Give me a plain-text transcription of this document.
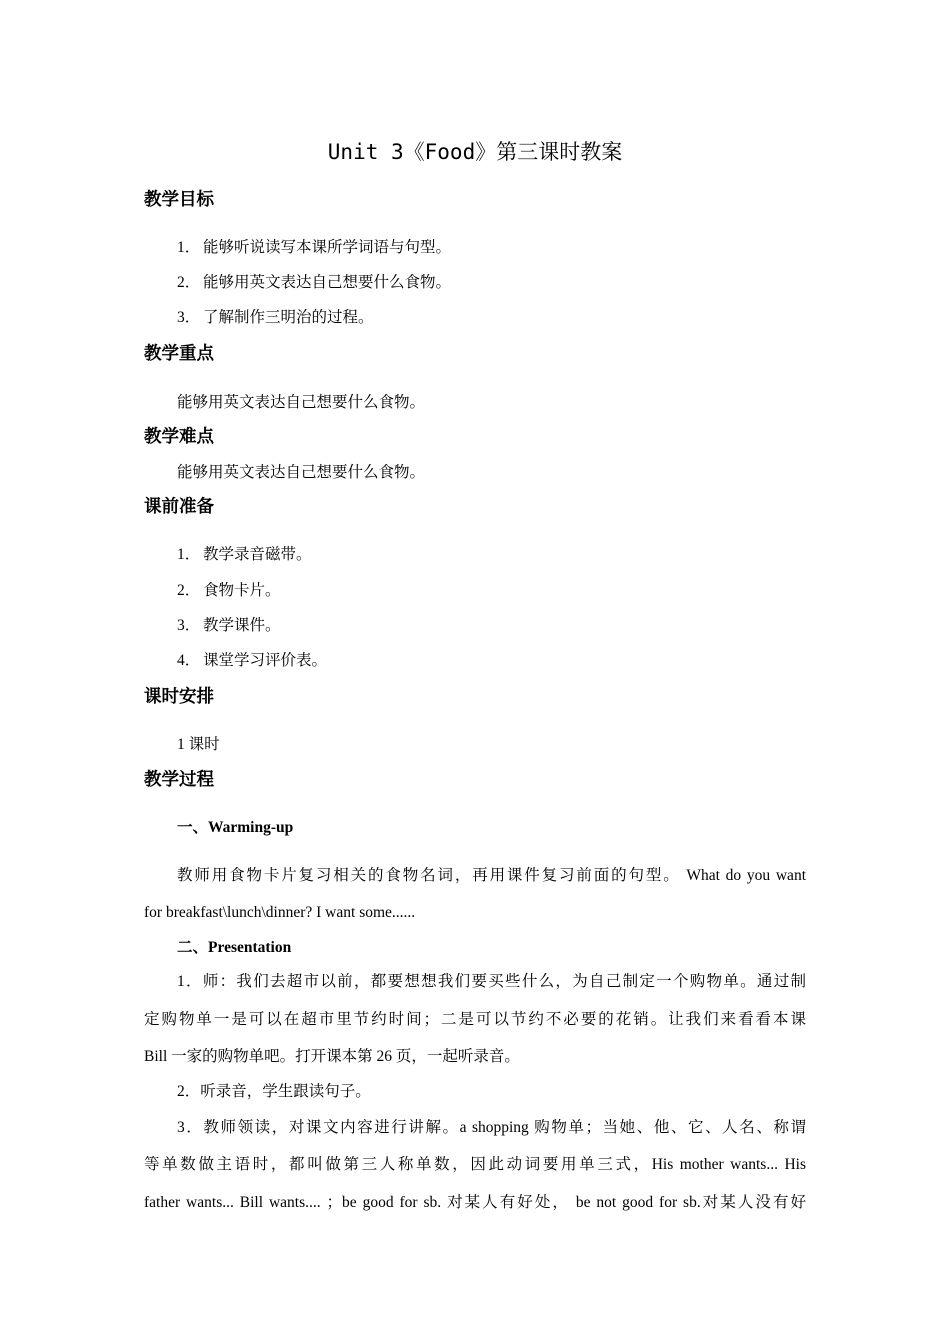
Unit 3《Food》第三课时教案
教学目标
1． 能够听说读写本课所学词语与句型。
2． 能够用英文表达自己想要什么食物。
3． 了解制作三明治的过程。
教学重点
能够用英文表达自己想要什么食物。
教学难点
能够用英文表达自己想要什么食物。
课前准备
1． 教学录音磁带。
2． 食物卡片。
3． 教学课件。
4． 课堂学习评价表。
课时安排
1 课时
教学过程
一、Warming-up
教师用食物卡片复习相关的食物名词，再用课件复习前面的句型。 What do you want
for breakfast\lunch\dinner? I want some......
二、Presentation
1．师：我们去超市以前，都要想想我们要买些什么，为自己制定一个购物单。通过制
定购物单一是可以在超市里节约时间；二是可以节约不必要的花销。让我们来看看本课
Bill 一家的购物单吧。打开课本第 26 页，一起听录音。
2．听录音，学生跟读句子。
3．教师领读，对课文内容进行讲解。a shopping 购物单；当她、他、它、人名、称谓
等单数做主语时，都叫做第三人称单数，因此动词要用单三式，His mother wants... His
father wants... Bill wants.... ；be good for sb. 对某人有好处， be not good for sb.对某人没有好
